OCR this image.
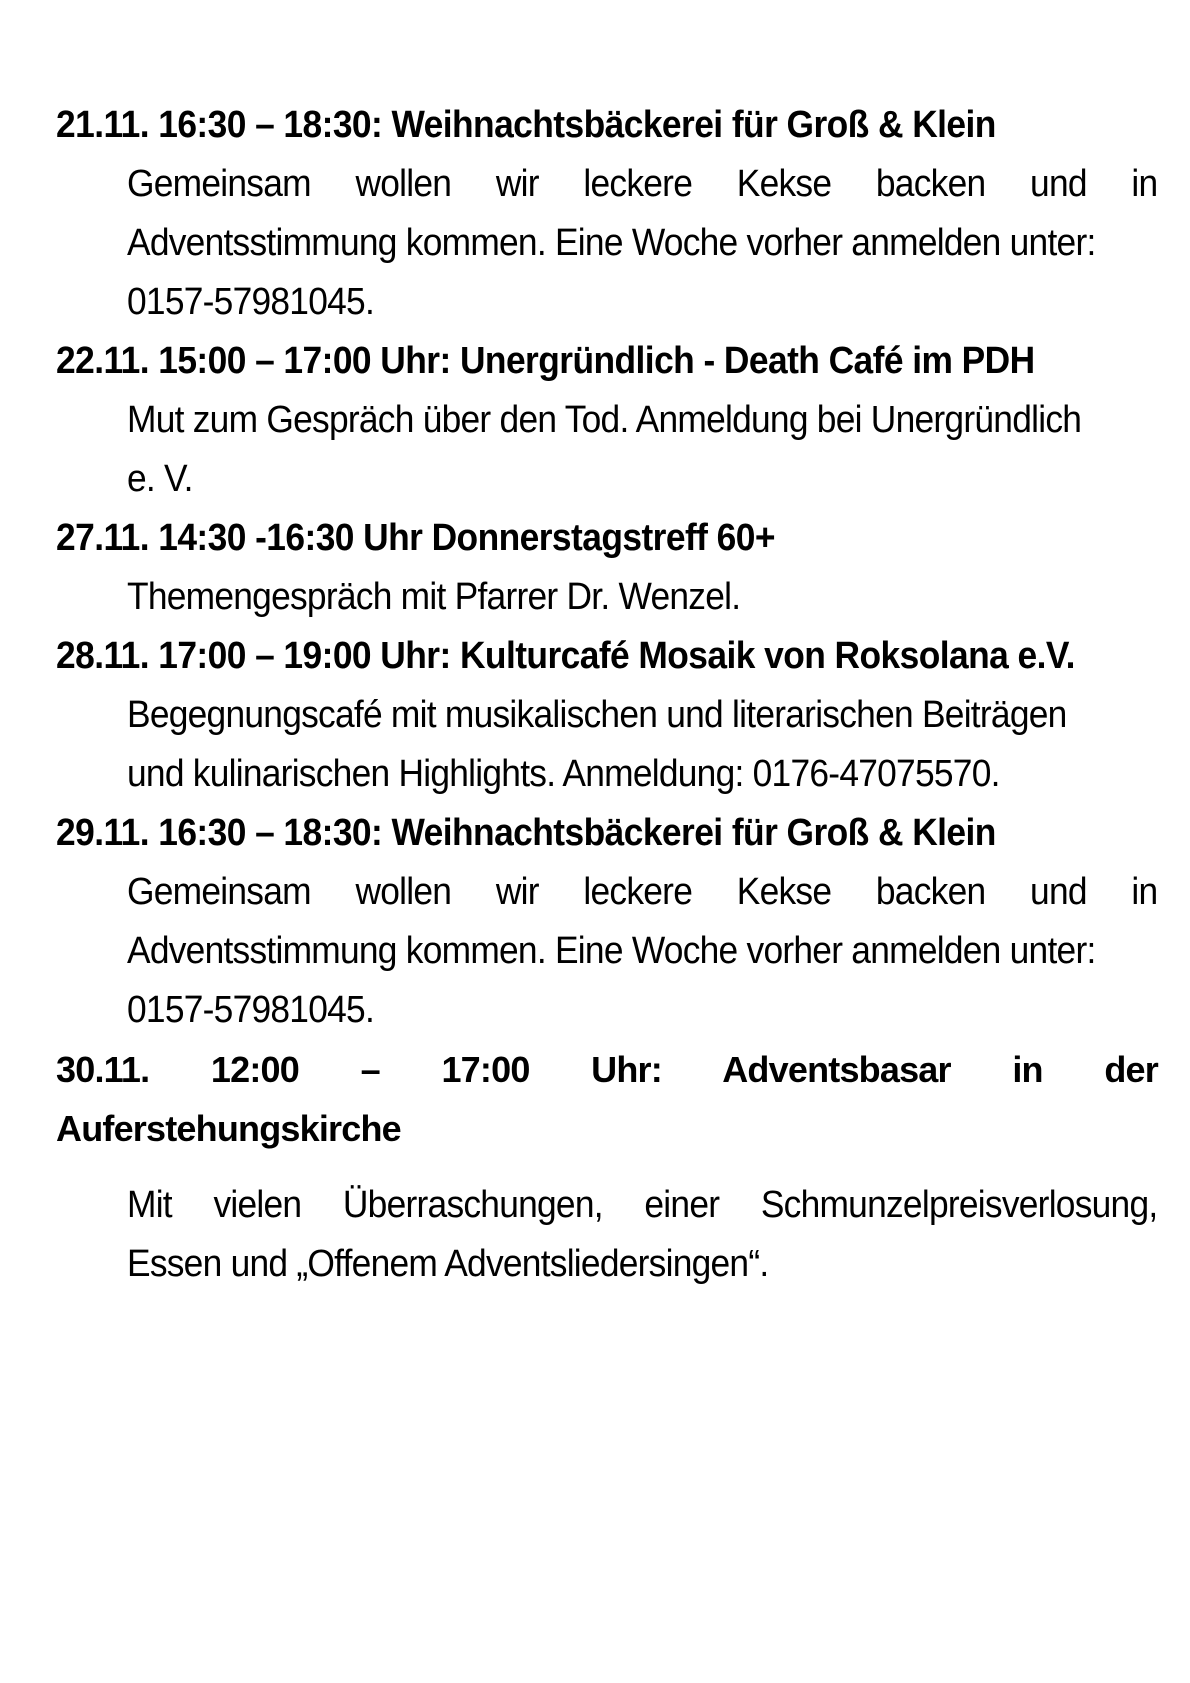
21.11. 16:30 – 18:30: Weihnachtsbäckerei für Groß & Klein
Gemeinsam wollen wir leckere Kekse backen und in
Adventsstimmung kommen. Eine Woche vorher anmelden unter:
0157-57981045.
22.11. 15:00 – 17:00 Uhr: Unergründlich - Death Café im PDH
Mut zum Gespräch über den Tod. Anmeldung bei Unergründlich
e. V.
27.11. 14:30 -16:30 Uhr Donnerstagstreff 60+
Themengespräch mit Pfarrer Dr. Wenzel.
28.11. 17:00 – 19:00 Uhr: Kulturcafé Mosaik von Roksolana e.V.
Begegnungscafé mit musikalischen und literarischen Beiträgen
und kulinarischen Highlights. Anmeldung: 0176-47075570.
29.11. 16:30 – 18:30: Weihnachtsbäckerei für Groß & Klein
Gemeinsam wollen wir leckere Kekse backen und in
Adventsstimmung kommen. Eine Woche vorher anmelden unter:
0157-57981045.
30.11. 12:00 – 17:00 Uhr: Adventsbasar in der
Auferstehungskirche
Mit vielen Überraschungen, einer Schmunzelpreisverlosung,
Essen und „Offenem Adventsliedersingen“.
